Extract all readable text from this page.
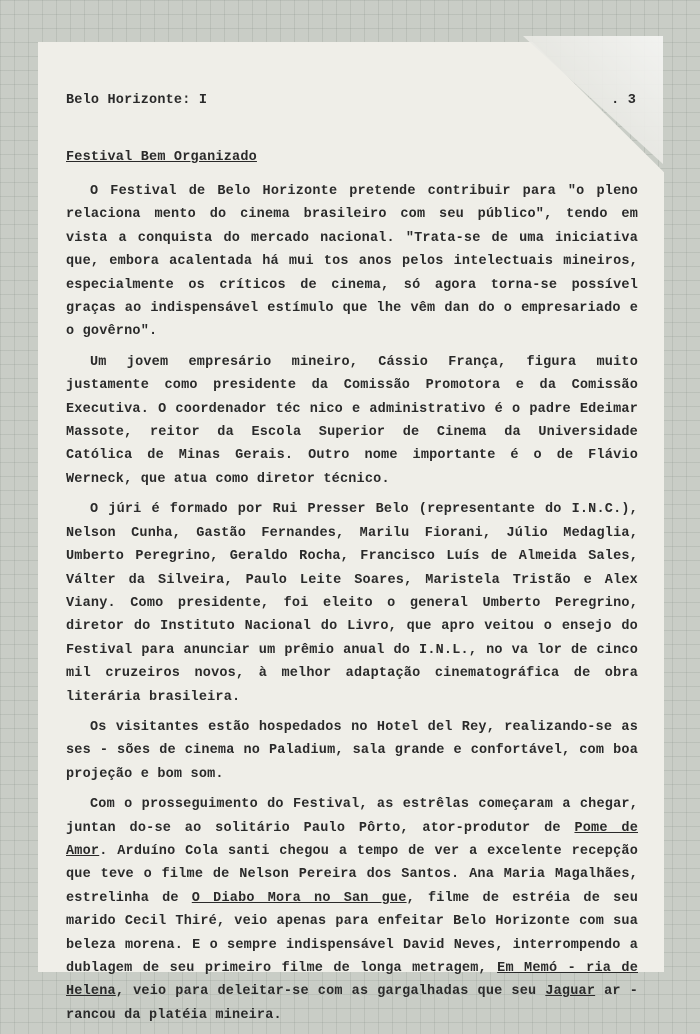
Belo Horizonte: I	. 3
Festival Bem Organizado

O Festival de Belo Horizonte pretende contribuir para "o pleno relaciona mento do cinema brasileiro com seu público", tendo em vista a conquista do mercado nacional. "Trata-se de uma iniciativa que, embora acalentada há mui tos anos pelos intelectuais mineiros, especialmente os críticos de cinema, só agora torna-se possível graças ao indispensável estímulo que lhe vêm dan do o empresariado e o govêrno".

Um jovem empresário mineiro, Cássio França, figura muito justamente como presidente da Comissão Promotora e da Comissão Executiva. O coordenador téc nico e administrativo é o padre Edeimar Massote, reitor da Escola Superior de Cinema da Universidade Católica de Minas Gerais. Outro nome importante é o de Flávio Werneck, que atua como diretor técnico.

O júri é formado por Rui Presser Belo (representante do I.N.C.), Nelson Cunha, Gastão Fernandes, Marilu Fiorani, Júlio Medaglia, Umberto Peregrino, Geraldo Rocha, Francisco Luís de Almeida Sales, Válter da Silveira, Paulo Leite Soares, Maristela Tristão e Alex Viany. Como presidente, foi eleito o general Umberto Peregrino, diretor do Instituto Nacional do Livro, que apro veitou o ensejo do Festival para anunciar um prêmio anual do I.N.L., no va lor de cinco mil cruzeiros novos, à melhor adaptação cinematográfica de obra literária brasileira.

Os visitantes estão hospedados no Hotel del Rey, realizando-se as ses - sões de cinema no Paladium, sala grande e confortável, com boa projeção e bom som.

Com o prosseguimento do Festival, as estrêlas começaram a chegar, juntan do-se ao solitário Paulo Pôrto, ator-produtor de Pome de Amor. Arduíno Cola santi chegou a tempo de ver a excelente recepção que teve o filme de Nelson Pereira dos Santos. Ana Maria Magalhães, estrelinha de O Diabo Mora no San gue, filme de estréia de seu marido Cecil Thiré, veio apenas para enfeitar Belo Horizonte com sua beleza morena. E o sempre indispensável David Neves, interrompendo a dublagem de seu primeiro filme de longa metragem, Em Memó - ria de Helena, veio para deleitar-se com as gargalhadas que seu Jaguar ar - rancou da platéia mineira.
